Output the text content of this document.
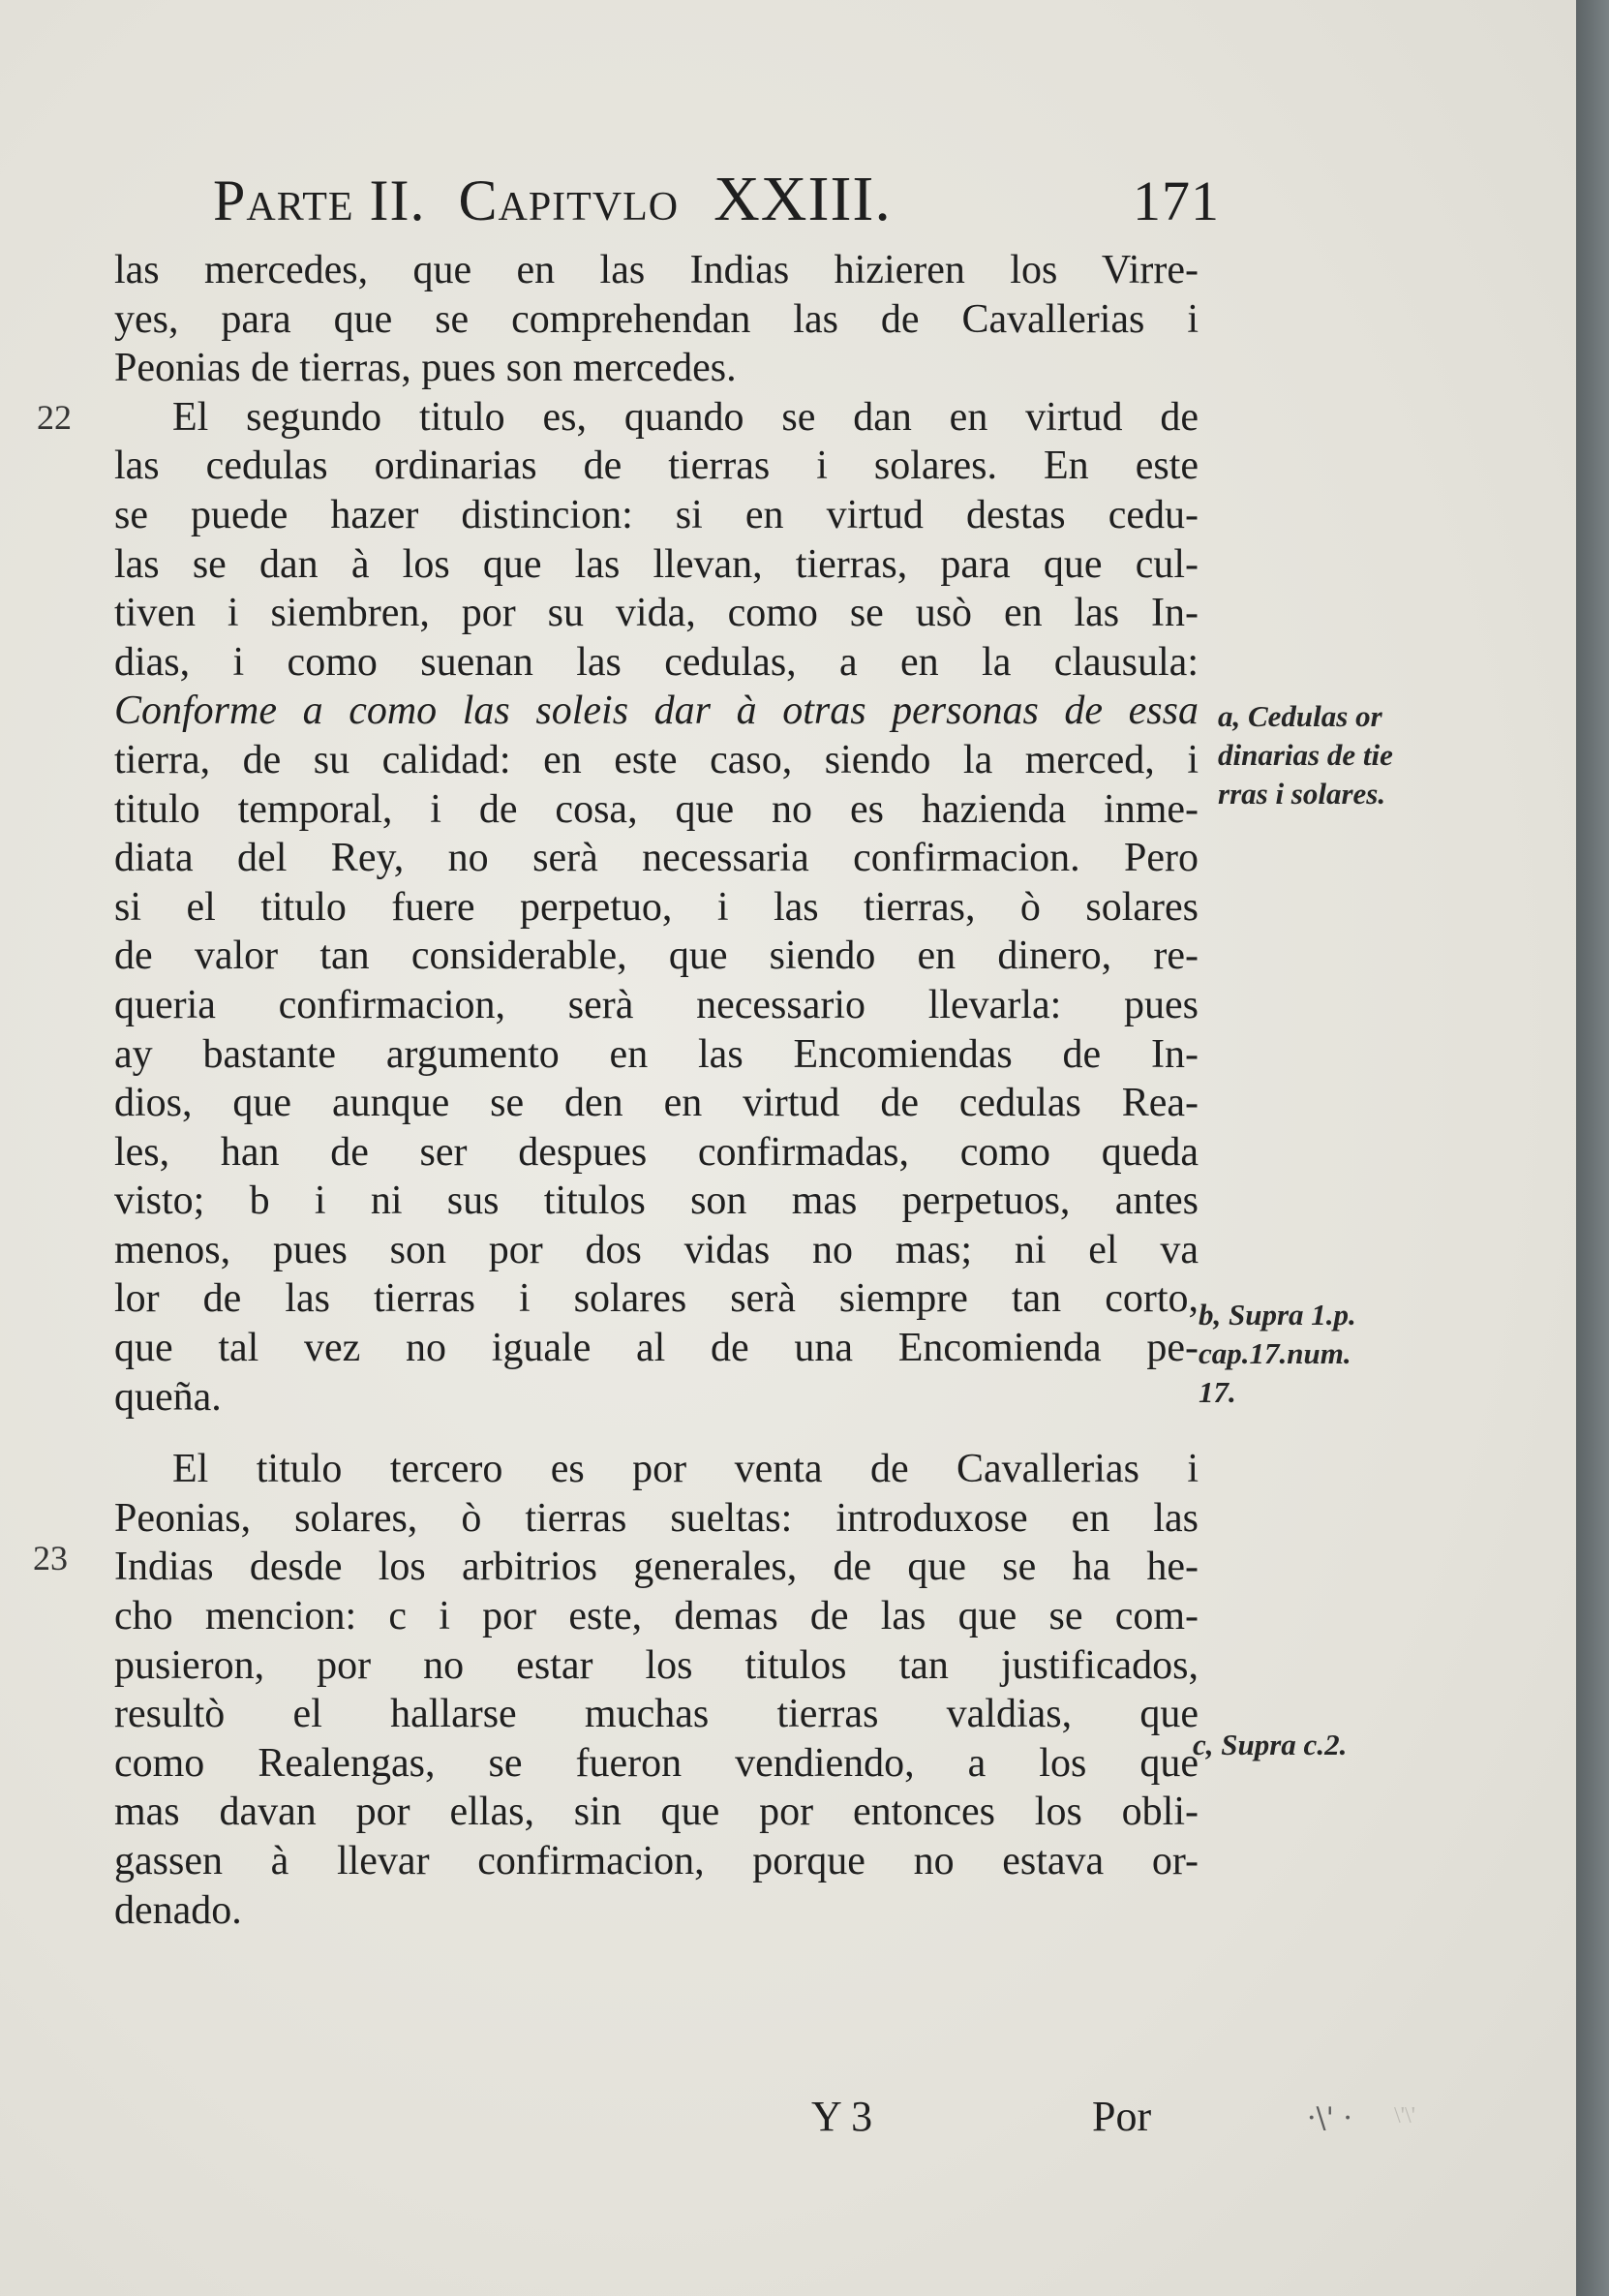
Parte II. Capitvlo XXIII.	171
las mercedes, que en las Indias hizieren los Virre-
yes, para que se comprehendan las de Cavallerias i
Peonias de tierras, pues son mercedes.
El segundo titulo es, quando se dan en virtud de
las cedulas ordinarias de tierras i solares. En este
se puede hazer distincion: si en virtud destas cedu-
las se dan à los que las llevan, tierras, para que cul-
tiven i siembren, por su vida, como se usò en las In-
dias, i como suenan las cedulas, a en la clausula:
Conforme a como las soleis dar à otras personas de essa
tierra, de su calidad: en este caso, siendo la merced, i
titulo temporal, i de cosa, que no es hazienda inme-
diata del Rey, no serà necessaria confirmacion. Pero
si el titulo fuere perpetuo, i las tierras, ò solares
de valor tan considerable, que siendo en dinero, re-
queria confirmacion, serà necessario llevarla: pues
ay bastante argumento en las Encomiendas de In-
dios, que aunque se den en virtud de cedulas Rea-
les, han de ser despues confirmadas, como queda
visto; b i ni sus titulos son mas perpetuos, antes
menos, pues son por dos vidas no mas; ni el va
lor de las tierras i solares serà siempre tan corto,
que tal vez no iguale al de una Encomienda pe-
queña.
El titulo tercero es por venta de Cavallerias i
Peonias, solares, ò tierras sueltas: introduxose en las
Indias desde los arbitrios generales, de que se ha he-
cho mencion: c i por este, demas de las que se com-
pusieron, por no estar los titulos tan justificados,
resultò el hallarse muchas tierras valdias, que
como Realengas, se fueron vendiendo, a los que
mas davan por ellas, sin que por entonces los obli-
gassen à llevar confirmacion, porque no estava or-
denado.
22
23
a, Cedulas or
dinarias de tie
rras i solares.
b, Supra 1.p.
cap.17.num.
17.
c, Supra c.2.
Y 3	Por	·\' · \'\'
